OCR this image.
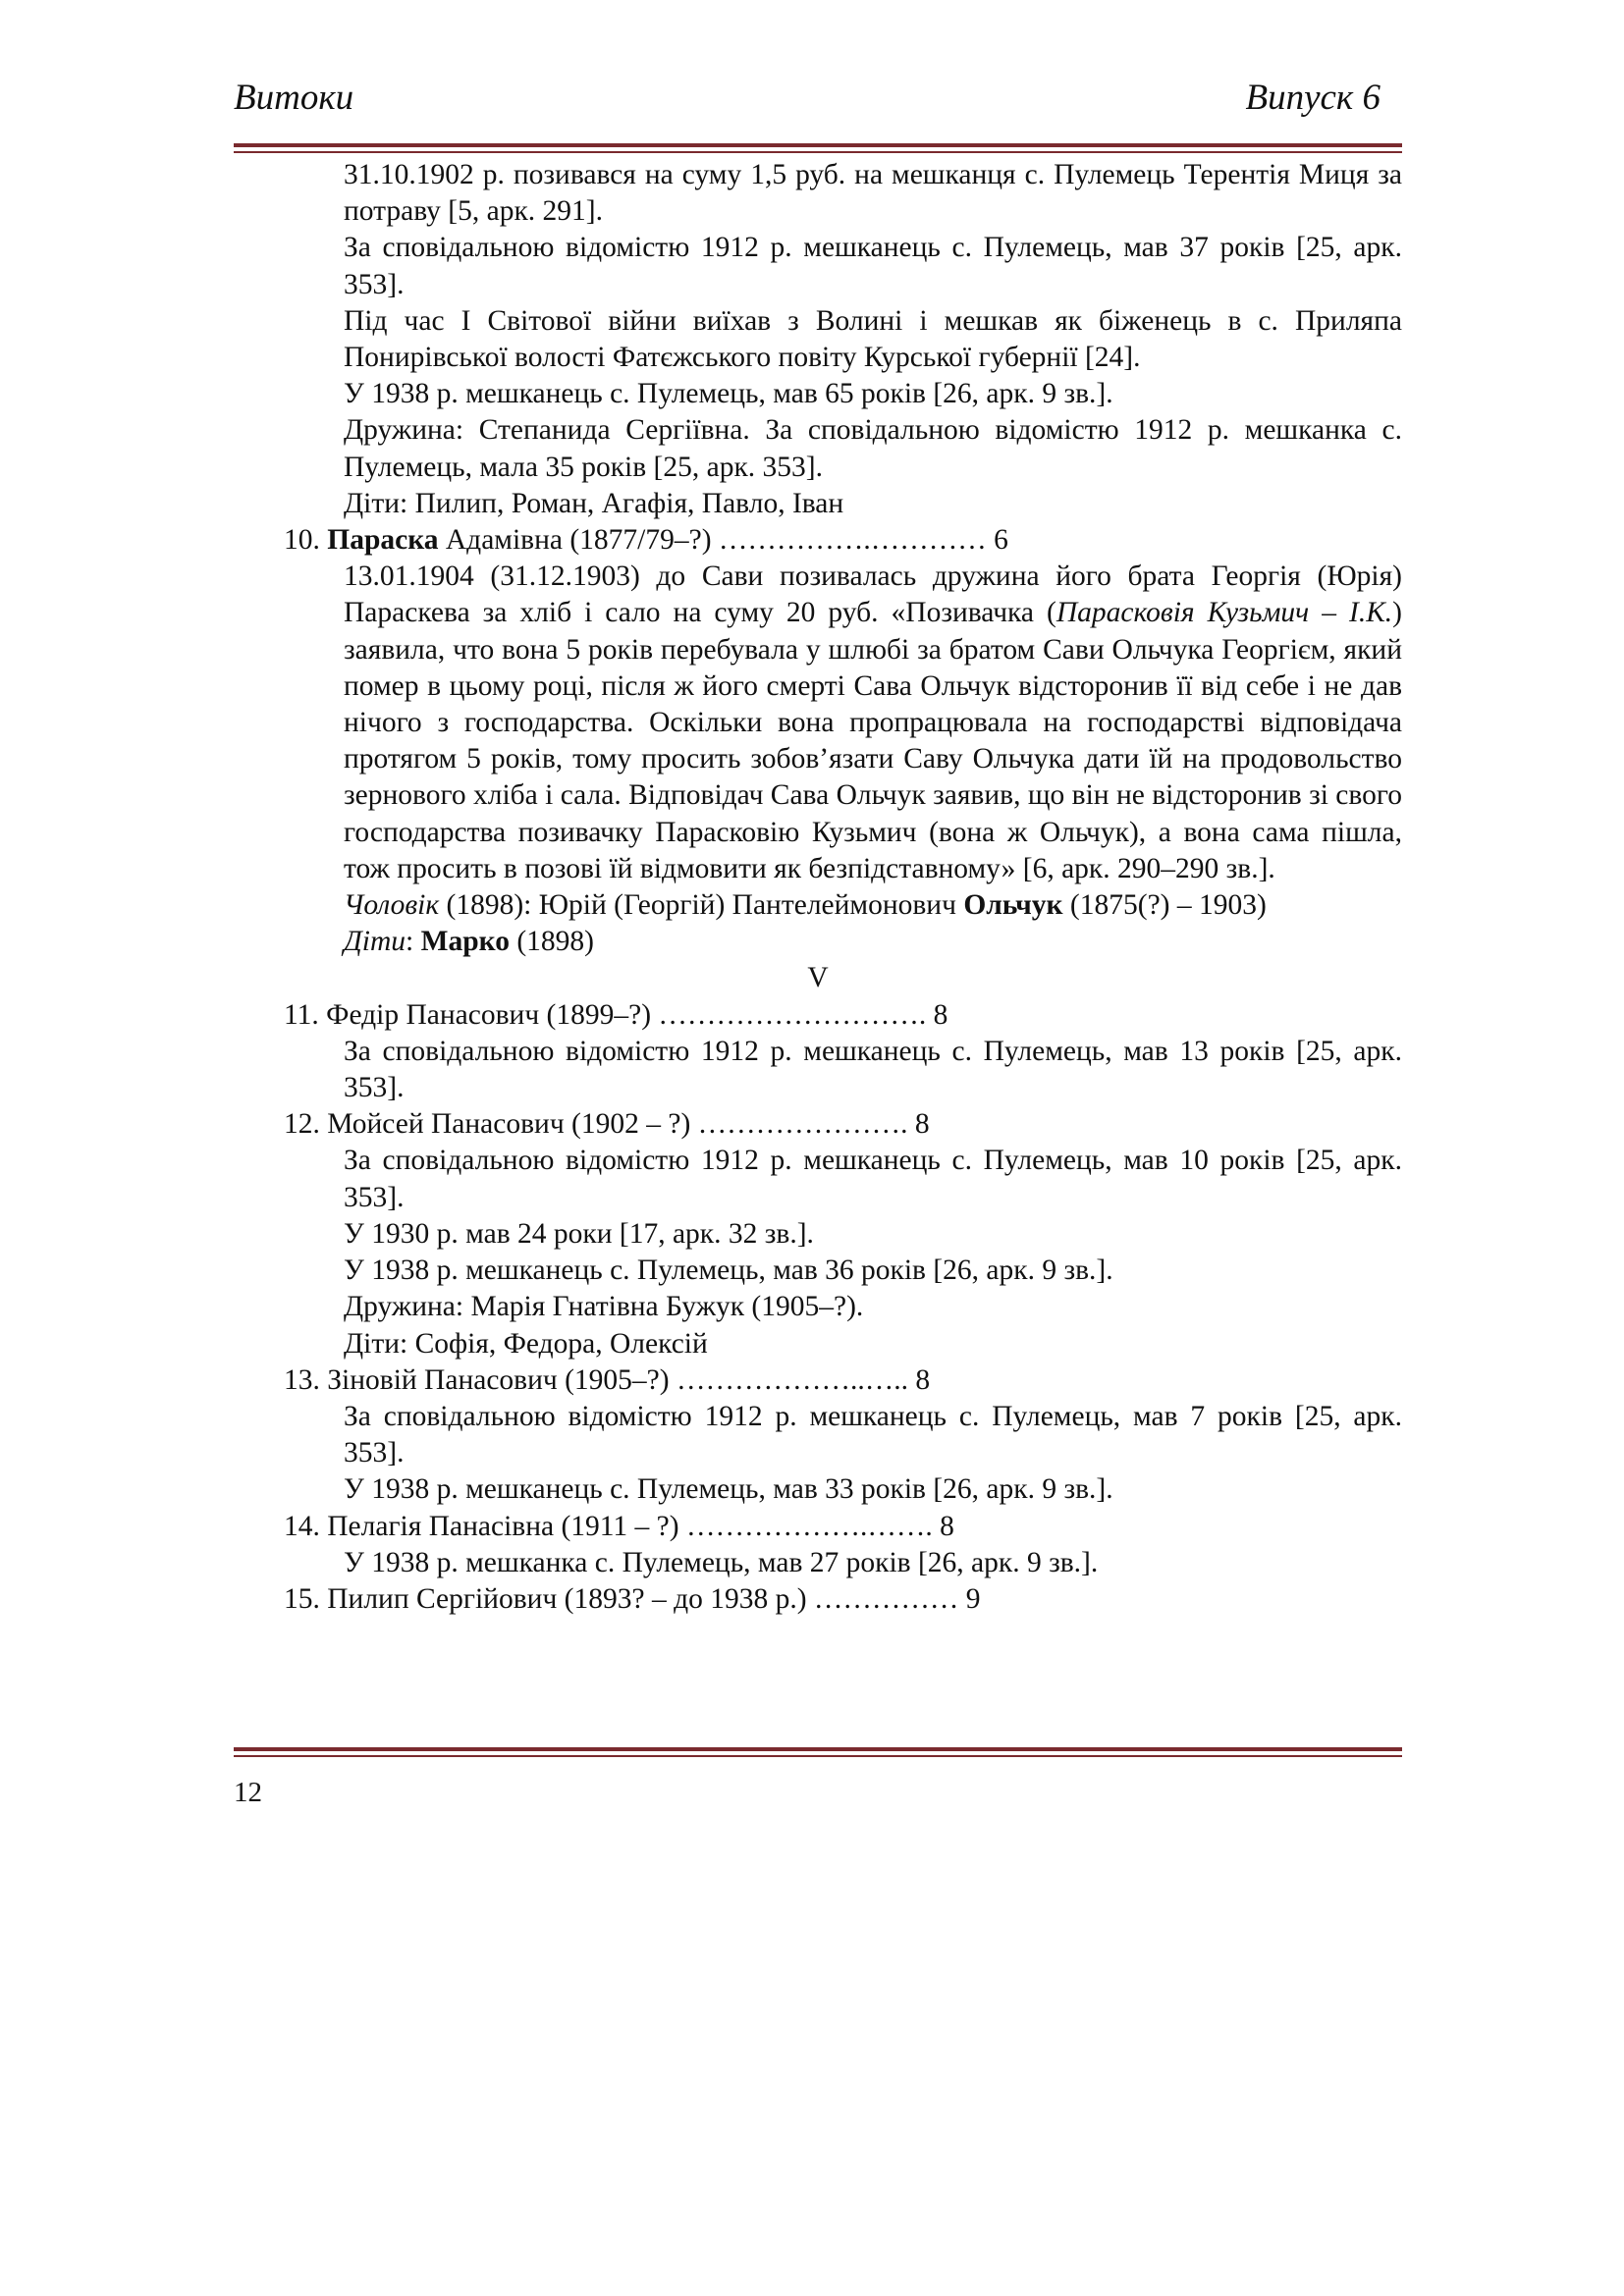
Витоки	Випуск 6
31.10.1902 р. позивався на суму 1,5 руб. на мешканця с. Пулемець Терентія Миця за потраву [5, арк. 291].
За сповідальною відомістю 1912 р. мешканець с. Пулемець, мав 37 років [25, арк. 353].
Під час І Світової війни виїхав з Волині і мешкав як біженець в с. Приляпа Понирівської волості Фатєжського повіту Курської губернії [24].
У 1938 р. мешканець с. Пулемець, мав 65 років [26, арк. 9 зв.].
Дружина: Степанида Сергіївна. За сповідальною відомістю 1912 р. мешканка с. Пулемець, мала 35 років [25, арк. 353].
Діти: Пилип, Роман, Агафія, Павло, Іван
10. Параска Адамівна (1877/79–?) …………….………… 6
13.01.1904 (31.12.1903) до Сави позивалась дружина його брата Георгія (Юрія) Параскева за хліб і сало на суму 20 руб. «Позивачка (Парасковія Кузьмич – І.К.) заявила, что вона 5 років перебувала у шлюбі за братом Сави Ольчука Георгієм, який помер в цьому році, після ж його смерті Сава Ольчук відсторонив її від себе і не дав нічого з господарства. Оскільки вона пропрацювала на господарстві відповідача протягом 5 років, тому просить зобов’язати Саву Ольчука дати їй на продовольство зернового хліба і сала. Відповідач Сава Ольчук заявив, що він не відсторонив зі свого господарства позивачку Парасковію Кузьмич (вона ж Ольчук), а вона сама пішла, тож просить в позові їй відмовити як безпідставному» [6, арк. 290–290 зв.].
Чоловік (1898): Юрій (Георгій) Пантелеймонович Ольчук (1875(?) – 1903)
Діти: Марко (1898)
V
11. Федір Панасович (1899–?) ………………………. 8
За сповідальною відомістю 1912 р. мешканець с. Пулемець, мав 13 років [25, арк. 353].
12. Мойсей Панасович (1902 – ?) …………………. 8
За сповідальною відомістю 1912 р. мешканець с. Пулемець, мав 10 років [25, арк. 353].
У 1930 р. мав 24 роки [17, арк. 32 зв.].
У 1938 р. мешканець с. Пулемець, мав 36 років [26, арк. 9 зв.].
Дружина: Марія Гнатівна Бужук (1905–?).
Діти: Софія, Федора, Олексій
13. Зіновій Панасович (1905–?) ………………..….. 8
За сповідальною відомістю 1912 р. мешканець с. Пулемець, мав 7 років [25, арк. 353].
У 1938 р. мешканець с. Пулемець, мав 33 років [26, арк. 9 зв.].
14. Пелагія Панасівна (1911 – ?) ……………….……. 8
У 1938 р. мешканка с. Пулемець, мав 27 років [26, арк. 9 зв.].
15. Пилип Сергійович (1893? – до 1938 р.) …………… 9
12
